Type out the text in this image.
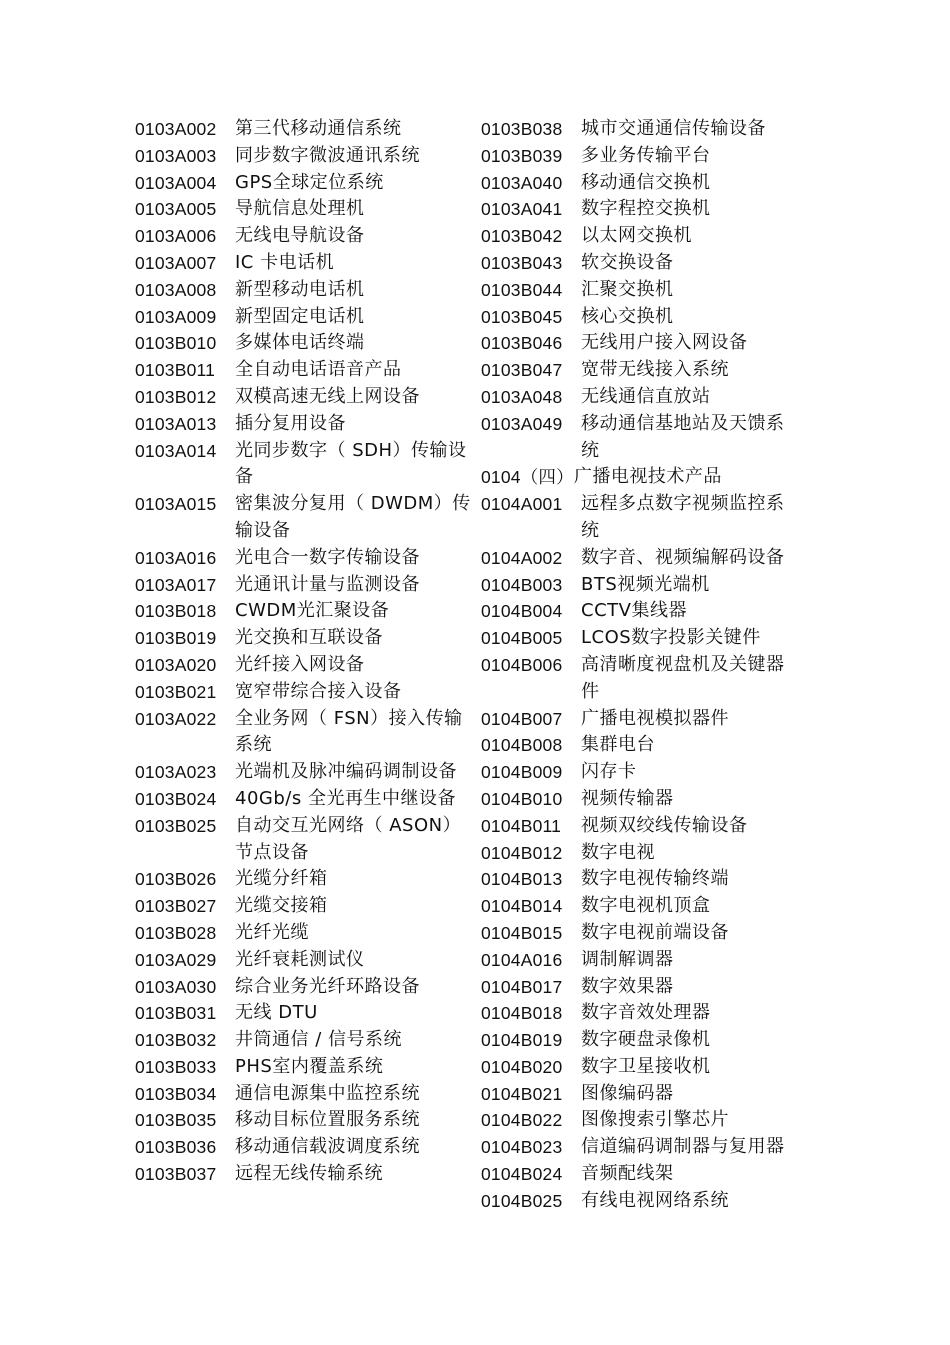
0103A002	第三代移动通信系统
0103A003	同步数字微波通讯系统
0103A004	GPS全球定位系统
0103A005	导航信息处理机
0103A006	无线电导航设备
0103A007	IC 卡电话机
0103A008	新型移动电话机
0103A009	新型固定电话机
0103B010	多媒体电话终端
0103B011	全自动电话语音产品
0103B012	双模高速无线上网设备
0103A013	插分复用设备
0103A014	光同步数字（ SDH）传输设备
0103A015	密集波分复用（ DWDM）传输设备
0103A016	光电合一数字传输设备
0103A017	光通讯计量与监测设备
0103B018	CWDM光汇聚设备
0103B019	光交换和互联设备
0103A020	光纤接入网设备
0103B021	宽窄带综合接入设备
0103A022	全业务网（ FSN）接入传输系统
0103A023	光端机及脉冲编码调制设备
0103B024	40Gb/s 全光再生中继设备
0103B025	自动交互光网络（ ASON）节点设备
0103B026	光缆分纤箱
0103B027	光缆交接箱
0103B028	光纤光缆
0103A029	光纤衰耗测试仪
0103A030	综合业务光纤环路设备
0103B031	无线 DTU
0103B032	井筒通信 / 信号系统
0103B033	PHS室内覆盖系统
0103B034	通信电源集中监控系统
0103B035	移动目标位置服务系统
0103B036	移动通信载波调度系统
0103B037	远程无线传输系统
0103B038	城市交通通信传输设备
0103B039	多业务传输平台
0103A040	移动通信交换机
0103A041	数字程控交换机
0103B042	以太网交换机
0103B043	软交换设备
0103B044	汇聚交换机
0103B045	核心交换机
0103B046	无线用户接入网设备
0103B047	宽带无线接入系统
0103A048	无线通信直放站
0103A049	移动通信基地站及天馈系统
0104（四） 广播电视技术产品
0104A001	远程多点数字视频监控系统
0104A002	数字音、视频编解码设备
0104B003	BTS视频光端机
0104B004	CCTV集线器
0104B005	LCOS数字投影关键件
0104B006	高清晰度视盘机及关键器件
0104B007	广播电视模拟器件
0104B008	集群电台
0104B009	闪存卡
0104B010	视频传输器
0104B011	视频双绞线传输设备
0104B012	数字电视
0104B013	数字电视传输终端
0104B014	数字电视机顶盒
0104B015	数字电视前端设备
0104A016	调制解调器
0104B017	数字效果器
0104B018	数字音效处理器
0104B019	数字硬盘录像机
0104B020	数字卫星接收机
0104B021	图像编码器
0104B022	图像搜索引擎芯片
0104B023	信道编码调制器与复用器
0104B024	音频配线架
0104B025	有线电视网络系统
